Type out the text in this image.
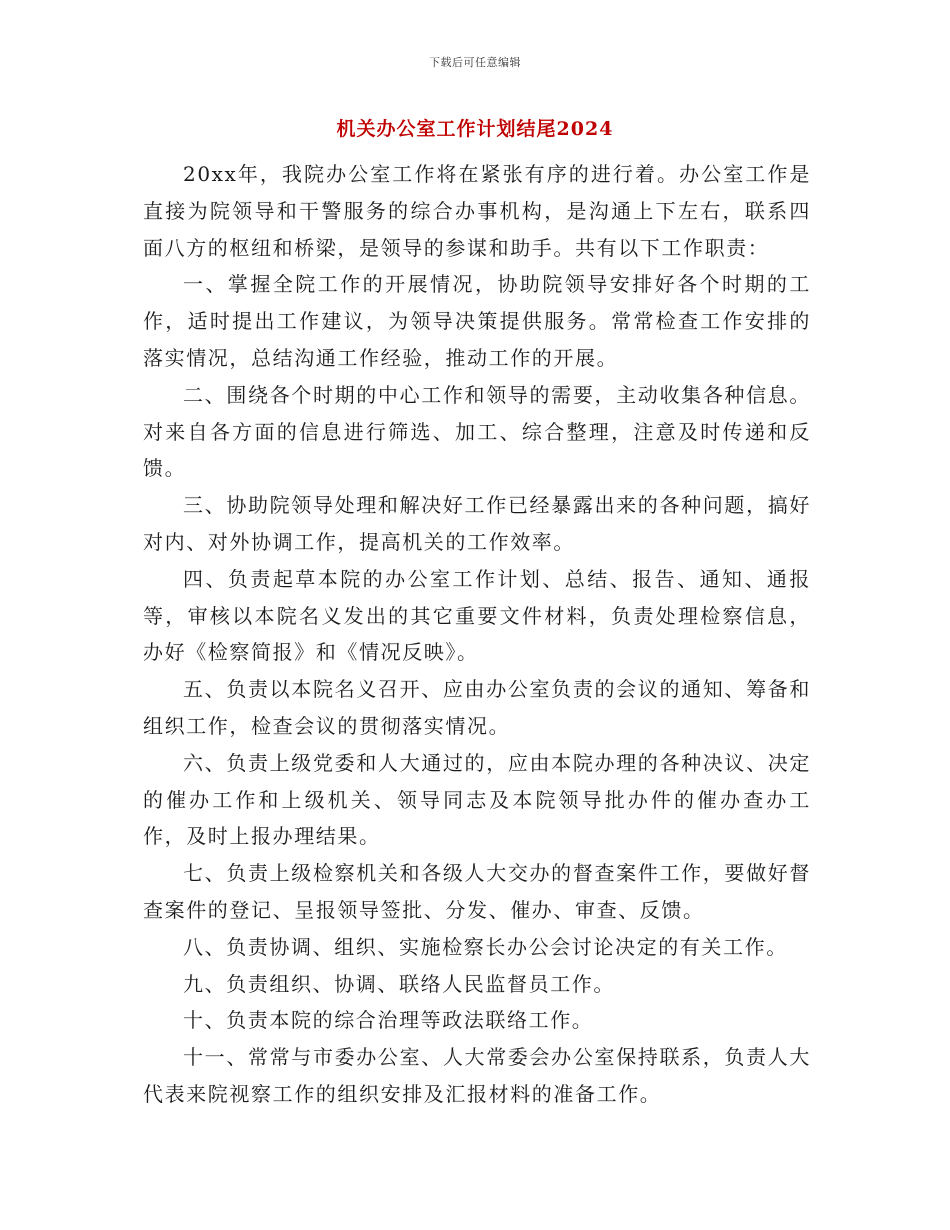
下载后可任意编辑
机关办公室工作计划结尾2024

20xx年，我院办公室工作将在紧张有序的进行着。办公室工作是直接为院领导和干警服务的综合办事机构，是沟通上下左右，联系四面八方的枢纽和桥梁，是领导的参谋和助手。共有以下工作职责：

一、掌握全院工作的开展情况，协助院领导安排好各个时期的工作，适时提出工作建议，为领导决策提供服务。常常检查工作安排的落实情况，总结沟通工作经验，推动工作的开展。

二、围绕各个时期的中心工作和领导的需要，主动收集各种信息。对来自各方面的信息进行筛选、加工、综合整理，注意及时传递和反馈。

三、协助院领导处理和解决好工作已经暴露出来的各种问题，搞好对内、对外协调工作，提高机关的工作效率。

四、负责起草本院的办公室工作计划、总结、报告、通知、通报等，审核以本院名义发出的其它重要文件材料，负责处理检察信息，办好《检察简报》和《情况反映》。

五、负责以本院名义召开、应由办公室负责的会议的通知、筹备和组织工作，检查会议的贯彻落实情况。

六、负责上级党委和人大通过的，应由本院办理的各种决议、决定的催办工作和上级机关、领导同志及本院领导批办件的催办查办工作，及时上报办理结果。

七、负责上级检察机关和各级人大交办的督查案件工作，要做好督查案件的登记、呈报领导签批、分发、催办、审查、反馈。

八、负责协调、组织、实施检察长办公会讨论决定的有关工作。

九、负责组织、协调、联络人民监督员工作。

十、负责本院的综合治理等政法联络工作。

十一、常常与市委办公室、人大常委会办公室保持联系，负责人大代表来院视察工作的组织安排及汇报材料的准备工作。
